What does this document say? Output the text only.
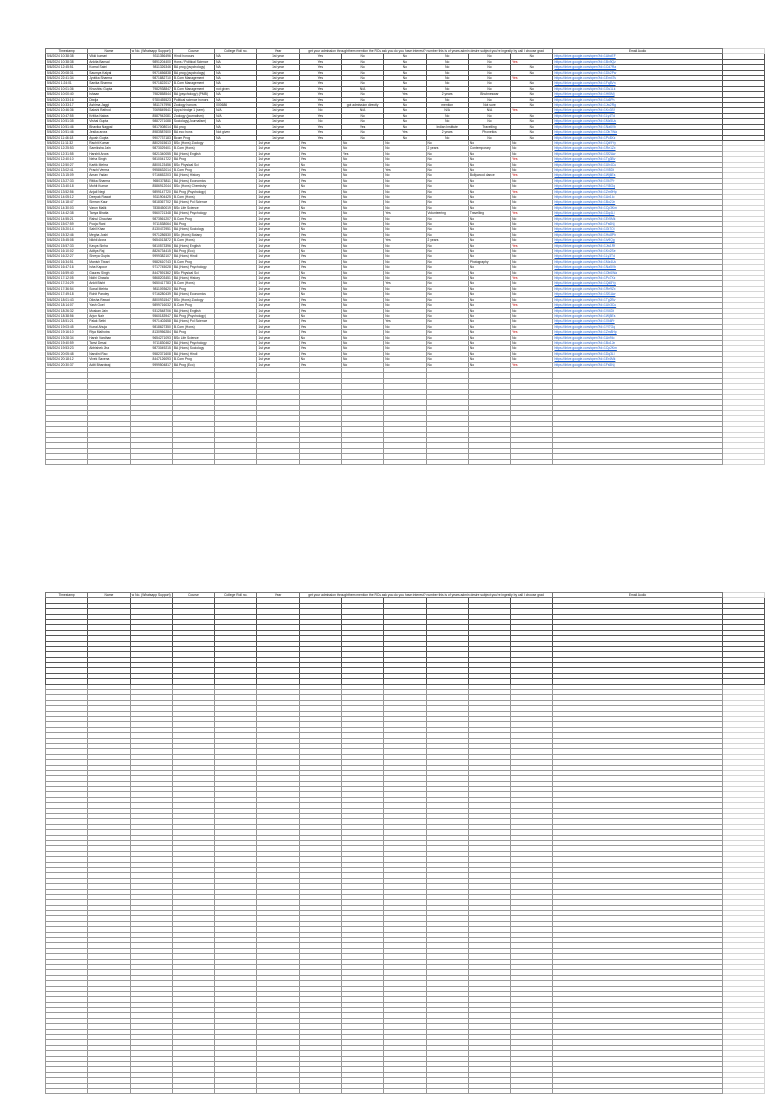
Timestamp	Name	w No. (Whatsapp Support)	Course	College Roll no.	Year	get your admission throughthem:mention the RCs ask you:do you have:interest? number this is of years:admin desire subject:you're ingestly by call I choose grad						Email Audio	
5/6/2024 10:38:38	Vikki kumari	9311356496	Hindi honours	NA	1st year	Yes	No	No	No	No	No	https://drive.google.com/open?id=1AbcEF	
5/6/2024 10:38:38	Ankita Bansal	9891204400	Hons / Political Science	NA	1st year	Yes	No	No	No	No	Yes	https://drive.google.com/open?id=1Bx9Qz	
5/6/2024 12:45:51	Komal Saini	9811326346	BA prog (psychology)	NA	1st year	Yes	No	No	No	No	No	https://drive.google.com/open?id=1Cd7Ra	
5/6/2024 20:08:31	Saumya Kalyal	9971656838	BA prog (psychology)	NA	1st year	Yes	No	No	No	No	No	https://drive.google.com/open?id=1Dk2Pw	
5/6/2024 22:41:34	Jyotika Sharma	9871882710	B.Com Management	NA	1st year	Yes	No	No	No	No	Yes	https://drive.google.com/open?id=1Em4Ts	
5/6/2024 1:24:01	Sanika Sharma	9971822017	B.Com Management	NA	1st year	Yes	No	No	No	No	No	https://drive.google.com/open?id=1Fq8Vn	
5/6/2024 10:01:36	Khushbu Gupta	7982938847	B.Com Management	not given	1st year	Yes	N/A	No	No	No	No	https://drive.google.com/open?id=1Gs1Lk	
5/6/2024 10:00:40	Ishaan	7982858544	BA (psychology) (PMB)	NA	1st year	Yes	No	Yes	2 years	Bhubneswar	No	https://drive.google.com/open?id=1Ht5Mj	
5/6/2024 10:33:16	Diwija	9780455523	Political science honors	NA	1st year	Yes	No	No	No	No	No	https://drive.google.com/open?id=1Iu6Ph	
5/6/2024 10:33:17	Ashima Jaggi	9811747996	Zoology honors	000686	1st year	Yes	got admission directly	No	mention	Not sure	No	https://drive.google.com/open?id=1Jw2Rg	
5/6/2024 10:46:36	Sakshi Rathod	7069849541	Upya hindge 1 (sem)	N/A	1st year	No	N/A	No	N/A	N/A	Yes	https://drive.google.com/open?id=1Kx3Sf	
5/6/2024 10:47:55	Kritika Nalwa	8587942081	Zoology (journalism)	N/A	1st year	Yes	No	No	No	No	No	https://drive.google.com/open?id=1Ly4Td	
5/6/2024 10:51:35	Vishal Gupta	9887271088	Sociology(Journalism)	NA	1st year	No	No	No	No	No	No	https://drive.google.com/open?id=1Mz5Uc	
5/6/2024 10:51:46	Bhavika Nagpal	9817008014	BA prog	NA	1st year	Yes	Yes	No	Indian Institute	Travelling	No	https://drive.google.com/open?id=1Na6Vb	
5/6/2024 10:51:46	Jesika arora	8983587600	BA eco hons	Not given	1st year	Yes	No	Yes	2 years	Phonetics	No	https://drive.google.com/open?id=1Ob7Wa	
5/6/2024 11:46:18	Ayush Gupta	9907737183	Bcom Prog	NA	1st year	Yes	No	No	No	No	No	https://drive.google.com/open?id=1Pc8Xz	
5/6/2024 11:11:32	Rachit Kumar	8802015613	BSc (Hons) Zoology		1st year	Yes	No	No	No	No	No	https://drive.google.com/open?id=1Qd9Yy	
5/6/2024 12:25:53	Samiksha Jain	9873029401	B.Com (Hons)		1st year	Yes	No	No	2 years	Contemporary	No	https://drive.google.com/open?id=1Re1Zx	
5/6/2024 12:31:55	Harshit Arora	9821340055	BA (Hons) English		1st year	Yes	Yes	No	No	No	No	https://drive.google.com/open?id=1Sf2Aw	
5/6/2024 12:40:10	Neha Singh	9810041722	BA Prog		1st year	Yes	No	No	No	No	Yes	https://drive.google.com/open?id=1Tg3Bv	
5/6/2024 12:50:27	Kartik Mehra	8800123456	BSc Physical Sci		1st year	No	No	No	No	No	No	https://drive.google.com/open?id=1Uh4Cu	
5/6/2024 13:02:41	Prachi Verma	9958632014	B.Com Prog		1st year	Yes	No	Yes	No	No	No	https://drive.google.com/open?id=1Vi5Dt	
5/6/2024 13:15:09	Aman Yadav	9716652203	BA (Hons) History		1st year	Yes	No	No	No	Bollywood dance	Yes	https://drive.google.com/open?id=1Wj6Es	
5/6/2024 13:27:33	Ritika Sharma	9650378811	BA (Hons) Economics		1st year	Yes	No	No	No	No	No	https://drive.google.com/open?id=1Xk7Fr	
5/6/2024 13:40:18	Mohit Kumar	8586912044	BSc (Hons) Chemistry		1st year	No	No	No	No	No	No	https://drive.google.com/open?id=1Yl8Gq	
5/6/2024 13:52:56	Anjali Negi	9899147720	BA Prog (Psychology)		1st year	Yes	No	No	No	No	Yes	https://drive.google.com/open?id=1Zm9Hp	
5/6/2024 14:05:12	Deepak Rawat	9311904425	B.Com (Hons)		1st year	Yes	No	No	No	No	No	https://drive.google.com/open?id=1An1Io	
5/6/2024 14:18:47	Simran Kaur	9818367702	BA (Hons) Pol Science		1st year	Yes	No	No	No	No	No	https://drive.google.com/open?id=1Bo2Jn	
5/6/2024 14:30:03	Varun Malik	7838450019	BSc Life Science		1st year	No	No	No	No	No	No	https://drive.google.com/open?id=1Cp3Km	
5/6/2024 14:42:38	Tanya Bhatia	9560721348	BA (Hons) Psychology		1st year	Yes	No	Yes	Volunteering	Travelling	Yes	https://drive.google.com/open?id=1Dq4Ll	
5/6/2024 14:55:21	Rahul Chauhan	9873561207	B.Com Prog		1st year	Yes	No	No	No	No	No	https://drive.google.com/open?id=1Er5Mk	
5/6/2024 15:07:59	Pooja Rani	9711538064	BA Prog		1st year	Yes	No	No	No	No	No	https://drive.google.com/open?id=1Fs6Nj	
5/6/2024 15:20:14	Sahil Khan	8130472951	BA (Hons) Sociology		1st year	No	No	No	No	No	No	https://drive.google.com/open?id=1Gt7Oi	
5/6/2024 15:32:46	Megha Joshi	9971286530	BSc (Hons) Botany		1st year	Yes	No	No	No	No	No	https://drive.google.com/open?id=1Hu8Ph	
5/6/2024 15:45:08	Nikhil Arora	9654013872	B.Com (Hons)		1st year	Yes	No	Yes	2 years	No	No	https://drive.google.com/open?id=1Iv9Qg	
5/6/2024 15:57:33	Kavya Sinha	9810573396	BA (Hons) English		1st year	Yes	No	No	No	No	Yes	https://drive.google.com/open?id=1Jw1Rf	
5/6/2024 16:10:02	Aditya Raj	8826734415	BA Prog (Eco)		1st year	No	No	No	No	No	No	https://drive.google.com/open?id=1Kx2Se	
5/6/2024 16:22:27	Shreya Gupta	9999382107	BA (Hons) Hindi		1st year	Yes	No	No	No	No	No	https://drive.google.com/open?id=1Ly3Td	
5/6/2024 16:34:51	Manish Tiwari	9582610743	B.Com Prog		1st year	Yes	No	No	No	Photography	No	https://drive.google.com/open?id=1Mz4Uc	
5/6/2024 16:47:16	Isha Kapoor	9717745028	BA (Hons) Psychology		1st year	Yes	No	No	No	No	No	https://drive.google.com/open?id=1Na5Vb	
5/6/2024 16:59:40	Gaurav Singh	8447591362	BSc Physical Sci		1st year	No	No	No	No	No	No	https://drive.google.com/open?id=1Ob6Wa	
5/6/2024 17:12:05	Nidhi Chawla	9868203451	BA (Hons) History		1st year	Yes	No	No	No	No	Yes	https://drive.google.com/open?id=1Pc7Xz	
5/6/2024 17:24:29	Ankit Bisht	9650417783	B.Com (Hons)		1st year	Yes	No	Yes	No	No	No	https://drive.google.com/open?id=1Qd8Yy	
5/6/2024 17:36:54	Sonal Mehta	9811093620	BA Prog		1st year	Yes	No	No	No	No	No	https://drive.google.com/open?id=1Re9Zx	
5/6/2024 17:49:18	Rohit Pandey	9716280439	BA (Hons) Economics		1st year	No	No	No	No	No	No	https://drive.google.com/open?id=1Sf1Aw	
5/6/2024 18:01:43	Diksha Rawat	8800931547	BSc (Hons) Zoology		1st year	Yes	No	No	No	No	No	https://drive.google.com/open?id=1Tg2Bv	
5/6/2024 18:14:07	Yash Goel	9899716032	B.Com Prog		1st year	Yes	No	No	No	No	Yes	https://drive.google.com/open?id=1Uh3Cu	
5/6/2024 18:26:32	Muskan Jain	9312548706	BA (Hons) English		1st year	Yes	No	No	No	No	No	https://drive.google.com/open?id=1Vi4Dt	
5/6/2024 18:38:56	Arjun Nair	9560183947	BA Prog (Psychology)		1st year	No	No	No	No	No	No	https://drive.google.com/open?id=1Wj5Es	
5/6/2024 18:51:21	Palak Sethi	9971402658	BA (Hons) Pol Science		1st year	Yes	No	Yes	No	No	No	https://drive.google.com/open?id=1Xk6Fr	
5/6/2024 19:03:45	Kunal Ahuja	9818627350	B.Com (Hons)		1st year	Yes	No	No	No	No	No	https://drive.google.com/open?id=1Yl7Gq	
5/6/2024 19:16:10	Riya Malhotra	8130956284	BA Prog		1st year	Yes	No	No	No	No	Yes	https://drive.google.com/open?id=1Zm8Hp	
5/6/2024 19:28:34	Harsh Vardhan	9654271093	BSc Life Science		1st year	No	No	No	No	No	No	https://drive.google.com/open?id=1An9Io	
5/6/2024 19:40:59	Tanvi Desai	9711830462	BA (Hons) Psychology		1st year	Yes	No	No	No	No	No	https://drive.google.com/open?id=1Bo1Jn	
5/6/2024 19:53:23	Abhishek Jha	9873049215	BA (Hons) Sociology		1st year	Yes	No	No	No	No	No	https://drive.google.com/open?id=1Cp2Km	
5/6/2024 20:05:48	Nandini Rao	9582371608	BA (Hons) Hindi		1st year	Yes	No	No	No	No	No	https://drive.google.com/open?id=1Dq3Ll	
5/6/2024 20:18:12	Vivek Saxena	8447126093	B.Com Prog		1st year	No	No	No	No	No	No	https://drive.google.com/open?id=1Er4Mk	
5/6/2024 20:30:37	Aditi Bhardwaj	9999504817	BA Prog (Eco)		1st year	Yes	No	No	No	No	Yes	https://drive.google.com/open?id=1Fs5Nj	

Timestamp	Name	w No. (Whatsapp Support)	Course	College Roll no.	Year	get your admission throughthem:mention the RCs ask you:do you have:interest? number this is of years:admin desire subject:you're ingestly by call I choose grad						Email Audio	
